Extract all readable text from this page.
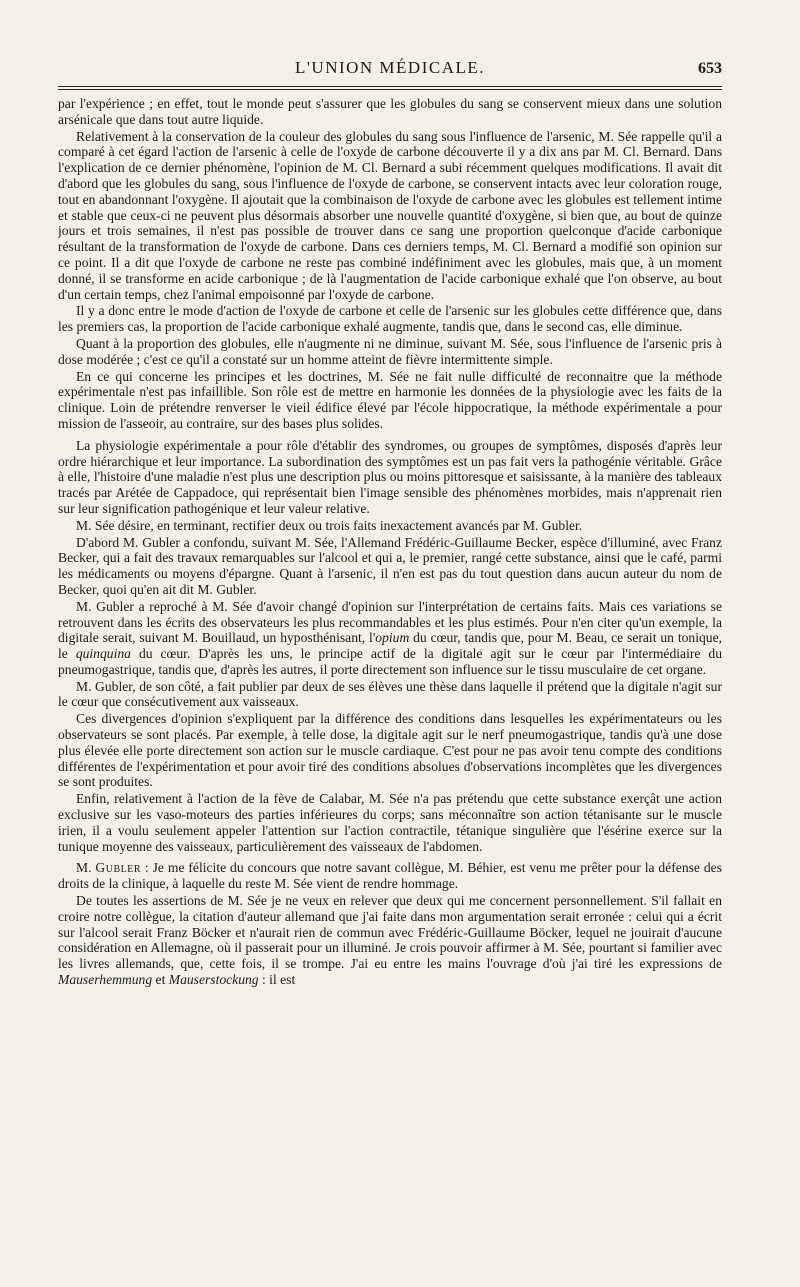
L'UNION MÉDICALE.	653

par l'expérience ; en effet, tout le monde peut s'assurer que les globules du sang se conservent mieux dans une solution arsénicale que dans tout autre liquide.

Relativement à la conservation de la couleur des globules du sang sous l'influence de l'arsenic, M. Sée rappelle qu'il a comparé à cet égard l'action de l'arsenic à celle de l'oxyde de carbone découverte il y a dix ans par M. Cl. Bernard. Dans l'explication de ce dernier phénomène, l'opinion de M. Cl. Bernard a subi récemment quelques modifications. Il avait dit d'abord que les globules du sang, sous l'influence de l'oxyde de carbone, se conservent intacts avec leur coloration rouge, tout en abandonnant l'oxygène. Il ajoutait que la combinaison de l'oxyde de carbone avec les globules est tellement intime et stable que ceux-ci ne peuvent plus désormais absorber une nouvelle quantité d'oxygène, si bien que, au bout de quinze jours et trois semaines, il n'est pas possible de trouver dans ce sang une proportion quelconque d'acide carbonique résultant de la transformation de l'oxyde de carbone. Dans ces derniers temps, M. Cl. Bernard a modifié son opinion sur ce point. Il a dit que l'oxyde de carbone ne reste pas combiné indéfiniment avec les globules, mais que, à un moment donné, il se transforme en acide carbonique ; de là l'augmentation de l'acide carbonique exhalé que l'on observe, au bout d'un certain temps, chez l'animal empoisonné par l'oxyde de carbone.

Il y a donc entre le mode d'action de l'oxyde de carbone et celle de l'arsenic sur les globules cette différence que, dans les premiers cas, la proportion de l'acide carbonique exhalé augmente, tandis que, dans le second cas, elle diminue.

Quant à la proportion des globules, elle n'augmente ni ne diminue, suivant M. Sée, sous l'influence de l'arsenic pris à dose modérée ; c'est ce qu'il a constaté sur un homme atteint de fièvre intermittente simple.

En ce qui concerne les principes et les doctrines, M. Sée ne fait nulle difficulté de reconnaitre que la méthode expérimentale n'est pas infaillible. Son rôle est de mettre en harmonie les données de la physiologie avec les faits de la clinique. Loin de prétendre renverser le vieil édifice élevé par l'école hippocratique, la méthode expérimentale a pour mission de l'asseoir, au contraire, sur des bases plus solides.

La physiologie expérimentale a pour rôle d'établir des syndromes, ou groupes de symptômes, disposés d'après leur ordre hiérarchique et leur importance. La subordination des symptômes est un pas fait vers la pathogénie véritable. Grâce à elle, l'histoire d'une maladie n'est plus une description plus ou moins pittoresque et saisissante, à la manière des tableaux tracés par Arétée de Cappadoce, qui représentait bien l'image sensible des phénomènes morbides, mais n'apprenait rien sur leur signification pathogénique et leur valeur relative.

M. Sée désire, en terminant, rectifier deux ou trois faits inexactement avancés par M. Gubler.

D'abord M. Gubler a confondu, suivant M. Sée, l'Allemand Frédéric-Guillaume Becker, espèce d'illuminé, avec Franz Becker, qui a fait des travaux remarquables sur l'alcool et qui a, le premier, rangé cette substance, ainsi que le café, parmi les médicaments ou moyens d'épargne. Quant à l'arsenic, il n'en est pas du tout question dans aucun auteur du nom de Becker, quoi qu'en ait dit M. Gubler.

M. Gubler a reproché à M. Sée d'avoir changé d'opinion sur l'interprétation de certains faits. Mais ces variations se retrouvent dans les écrits des observateurs les plus recommandables et les plus estimés. Pour n'en citer qu'un exemple, la digitale serait, suivant M. Bouillaud, un hyposthénisant, l'opium du cœur, tandis que, pour M. Beau, ce serait un tonique, le quinquina du cœur. D'après les uns, le principe actif de la digitale agit sur le cœur par l'intermédiaire du pneumogastrique, tandis que, d'après les autres, il porte directement son influence sur le tissu musculaire de cet organe.

M. Gubler, de son côté, a fait publier par deux de ses élèves une thèse dans laquelle il prétend que la digitale n'agit sur le cœur que consécutivement aux vaisseaux.

Ces divergences d'opinion s'expliquent par la différence des conditions dans lesquelles les expérimentateurs ou les observateurs se sont placés. Par exemple, à telle dose, la digitale agit sur le nerf pneumogastrique, tandis qu'à une dose plus élevée elle porte directement son action sur le muscle cardiaque. C'est pour ne pas avoir tenu compte des conditions différentes de l'expérimentation et pour avoir tiré des conditions absolues d'observations incomplètes que les divergences se sont produites.

Enfin, relativement à l'action de la fève de Calabar, M. Sée n'a pas prétendu que cette substance exerçât une action exclusive sur les vaso-moteurs des parties inférieures du corps; sans méconnaître son action tétanisante sur le muscle irien, il a voulu seulement appeler l'attention sur l'action contractile, tétanique singulière que l'ésérine exerce sur la tunique moyenne des vaisseaux, particulièrement des vaisseaux de l'abdomen.

M. Gubler : Je me félicite du concours que notre savant collègue, M. Béhier, est venu me prêter pour la défense des droits de la clinique, à laquelle du reste M. Sée vient de rendre hommage.

De toutes les assertions de M. Sée je ne veux en relever que deux qui me concernent personnellement. S'il fallait en croire notre collègue, la citation d'auteur allemand que j'ai faite dans mon argumentation serait erronée : celui qui a écrit sur l'alcool serait Franz Böcker et n'aurait rien de commun avec Frédéric-Guillaume Böcker, lequel ne jouirait d'aucune considération en Allemagne, où il passerait pour un illuminé. Je crois pouvoir affirmer à M. Sée, pourtant si familier avec les livres allemands, que, cette fois, il se trompe. J'ai eu entre les mains l'ouvrage d'où j'ai tiré les expressions de Mauserhemmung et Mauserstockung : il est
